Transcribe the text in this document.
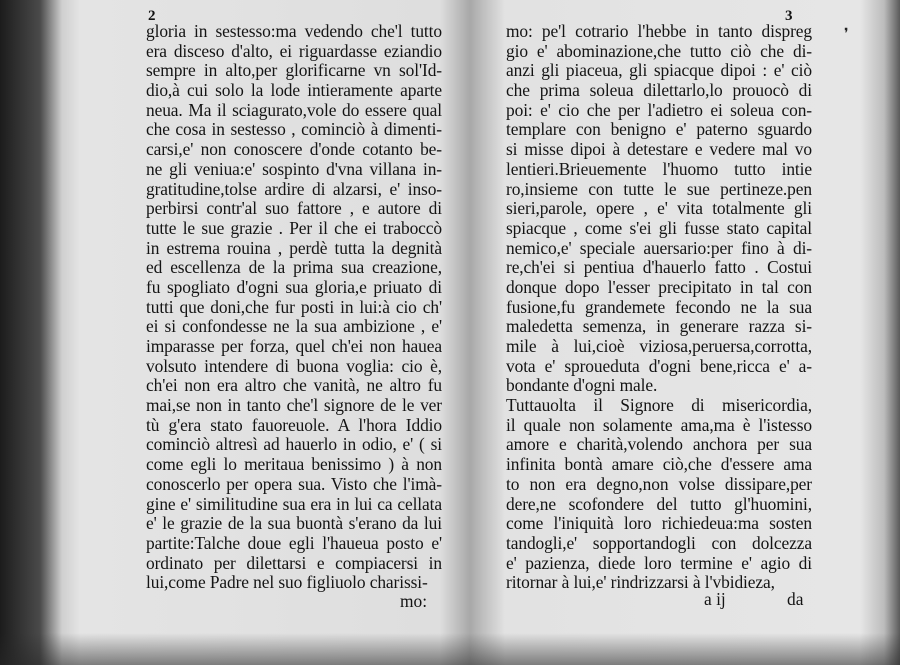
2
gloria in sestesso:ma vedendo che'l tutto
era disceso d'alto, ei riguardasse eziandio
sempre in alto,per glorificarne vn sol'Id-
dio,à cui solo la lode intieramente aparte
neua. Ma il sciagurato,vole do essere qual
che cosa in sestesso , cominciò à dimenti-
carsi,e' non conoscere d'onde cotanto be-
ne gli veniua:e' sospinto d'vna villana in-
gratitudine,tolse ardire di alzarsi, e' inso-
perbirsi contr'al suo fattore , e autore di
tutte le sue grazie . Per il che ei traboccò
in estrema rouina , perdè tutta la degnità
ed escellenza de la prima sua creazione,
fu spogliato d'ogni sua gloria,e priuato di
tutti que doni,che fur posti in lui:à cio ch'
ei si confondesse ne la sua ambizione , e'
imparasse per forza, quel ch'ei non haueа
volsuto intendere di buona voglia: cio è,
ch'ei non era altro che vanità, ne altro fu
mai,se non in tanto che'l signore de le ver
tù g'era stato fauoreuole. A l'hora Iddio
cominciò altresì ad hauerlo in odio, e' ( si
come egli lo meritaua benissimo ) à non
conoscerlo per opera sua. Visto che l'imà-
gine e' similitudine sua era in lui ca cellata
e' le grazie de la sua buontà s'erano da lui
partite:Talche doue egli l'haueua posto e'
ordinato per dilettarsi e compiacersi in
lui,come Padre nel suo figliuolo charissi-
mo:
3
❜
mo: pe'l cotrario l'hebbe in tanto dispreg
gio e' abominazione,che tutto ciò che di-
anzi gli piaceua, gli spiacque dipoi : e' ciò
che prima soleua dilettarlo,lo prouocò di
poi: e' cio che per l'adietro ei soleua con-
templare con benigno e' paterno sguardo
si misse dipoi à detestare e vedere mal vo
lentieri.Brieuemente l'huomo tutto intie
ro,insieme con tutte le sue pertineze.pen
sieri,parole, opere , e' vita totalmente gli
spiacque , come s'ei gli fusse stato capital
nemico,e' speciale auersario:per fino à di-
re,ch'ei si pentiua d'hauerlo fatto . Costui
donque dopo l'esser precipitato in tal con
fusione,fu grandemete fecondo ne la sua
maledetta semenza, in generare razza si-
mile à lui,cioè viziosa,peruersa,corrotta,
vota e' sproueduta d'ogni bene,ricca e' a-
bondante d'ogni male.
Tuttauolta il Signore di misericordia,
il quale non solamente ama,ma è l'istesso
amore e charità,volendo anchora per sua
infinita bontà amare ciò,che d'essere ama
to non era degno,non volse dissipare,per
dere,ne scofondere del tutto gl'huomini,
come l'iniquità loro richiedeua:ma sosten
tandogli,e' sopportandogli con dolcezza
e' pazienza, diede loro termine e' agio di
ritornar à lui,e' rindrizzarsi à l'vbidieza,
a ij	da
